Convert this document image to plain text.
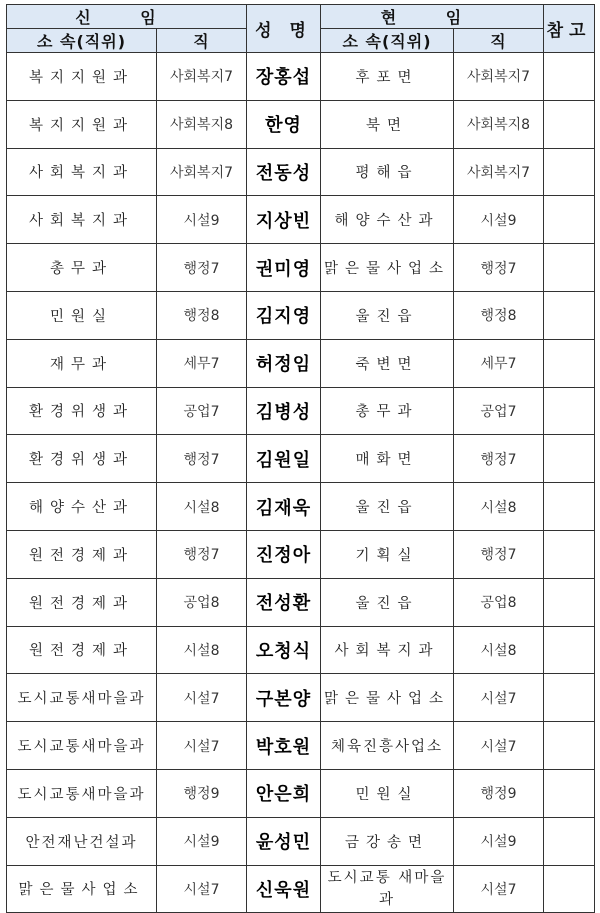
신 임		성 명	현 임		참고
소 속(직위)	직		소 속(직위)	직	
복지지원과	사회복지7	장홍섭	후포면	사회복지7	
복지지원과	사회복지8	한영	북면	사회복지8	
사회복지과	사회복지7	전동성	평해읍	사회복지7	
사회복지과	시설9	지상빈	해양수산과	시설9	
총무과	행정7	권미영	맑은물사업소	행정7	
민원실	행정8	김지영	울진읍	행정8	
재무과	세무7	허정임	죽변면	세무7	
환경위생과	공업7	김병성	총무과	공업7	
환경위생과	행정7	김원일	매화면	행정7	
해양수산과	시설8	김재욱	울진읍	시설8	
원전경제과	행정7	진정아	기획실	행정7	
원전경제과	공업8	전성환	울진읍	공업8	
원전경제과	시설8	오청식	사회복지과	시설8	
도시교통새마을과	시설7	구본양	맑은물사업소	시설7	
도시교통새마을과	시설7	박호원	체육진흥사업소	시설7	
도시교통새마을과	행정9	안은희	민원실	행정9	
안전재난건설과	시설9	윤성민	금강송면	시설9	
맑은물사업소	시설7	신욱원	도시교통 새마을과	시설7	
